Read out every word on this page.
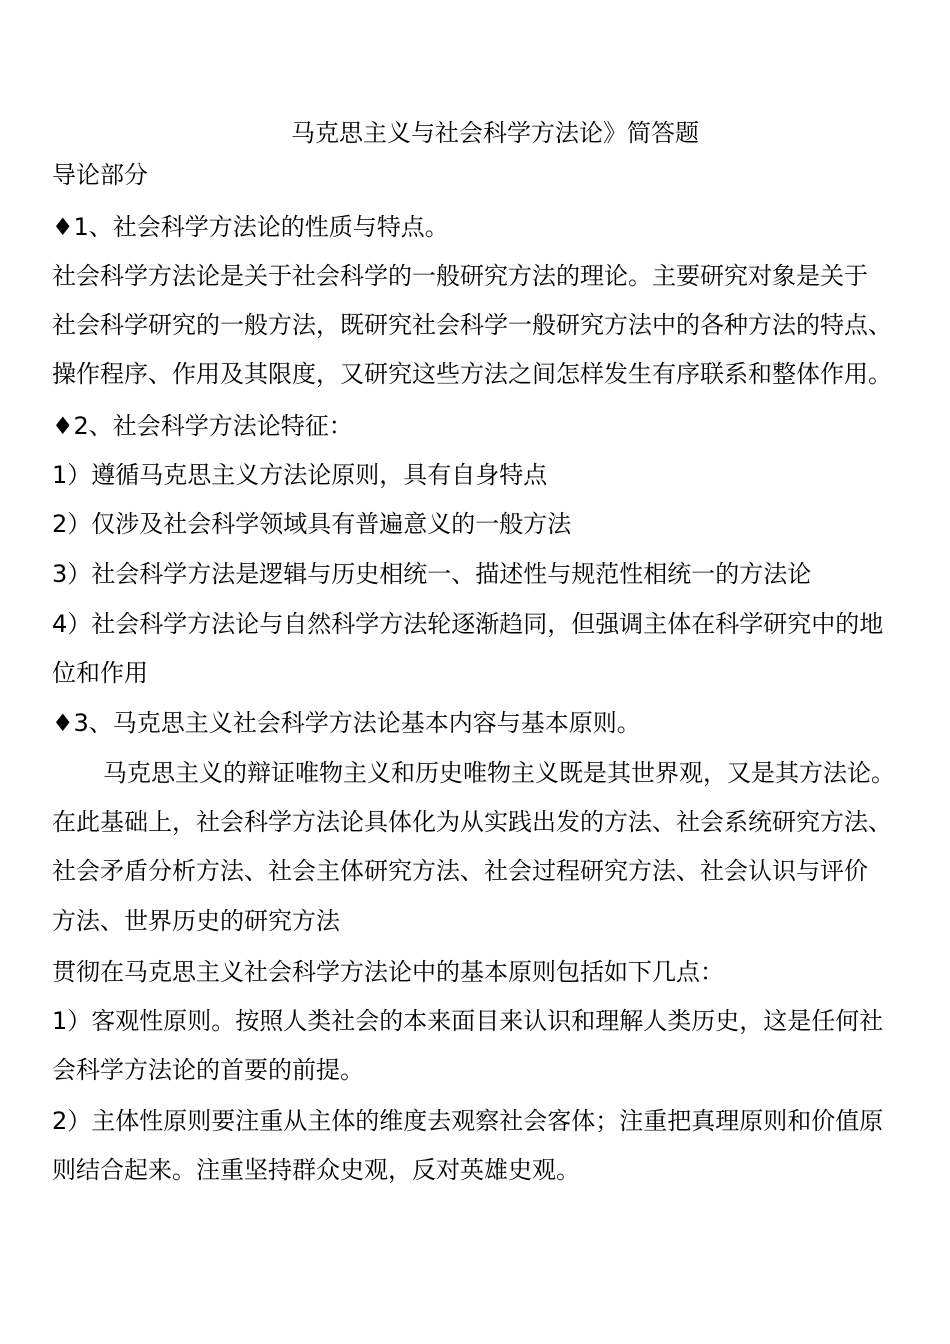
马克思主义与社会科学方法论》简答题
导论部分
♦1、社会科学方法论的性质与特点。
社会科学方法论是关于社会科学的一般研究方法的理论。主要研究对象是关于
社会科学研究的一般方法，既研究社会科学一般研究方法中的各种方法的特点、
操作程序、作用及其限度，又研究这些方法之间怎样发生有序联系和整体作用。
♦2、社会科学方法论特征：
1）遵循马克思主义方法论原则，具有自身特点
2）仅涉及社会科学领域具有普遍意义的一般方法
3）社会科学方法是逻辑与历史相统一、描述性与规范性相统一的方法论
4）社会科学方法论与自然科学方法轮逐渐趋同，但强调主体在科学研究中的地
位和作用
♦3、马克思主义社会科学方法论基本内容与基本原则。
马克思主义的辩证唯物主义和历史唯物主义既是其世界观，又是其方法论。
在此基础上，社会科学方法论具体化为从实践出发的方法、社会系统研究方法、
社会矛盾分析方法、社会主体研究方法、社会过程研究方法、社会认识与评价
方法、世界历史的研究方法
贯彻在马克思主义社会科学方法论中的基本原则包括如下几点：
1）客观性原则。按照人类社会的本来面目来认识和理解人类历史，这是任何社
会科学方法论的首要的前提。
2）主体性原则要注重从主体的维度去观察社会客体；注重把真理原则和价值原
则结合起来。注重坚持群众史观，反对英雄史观。
